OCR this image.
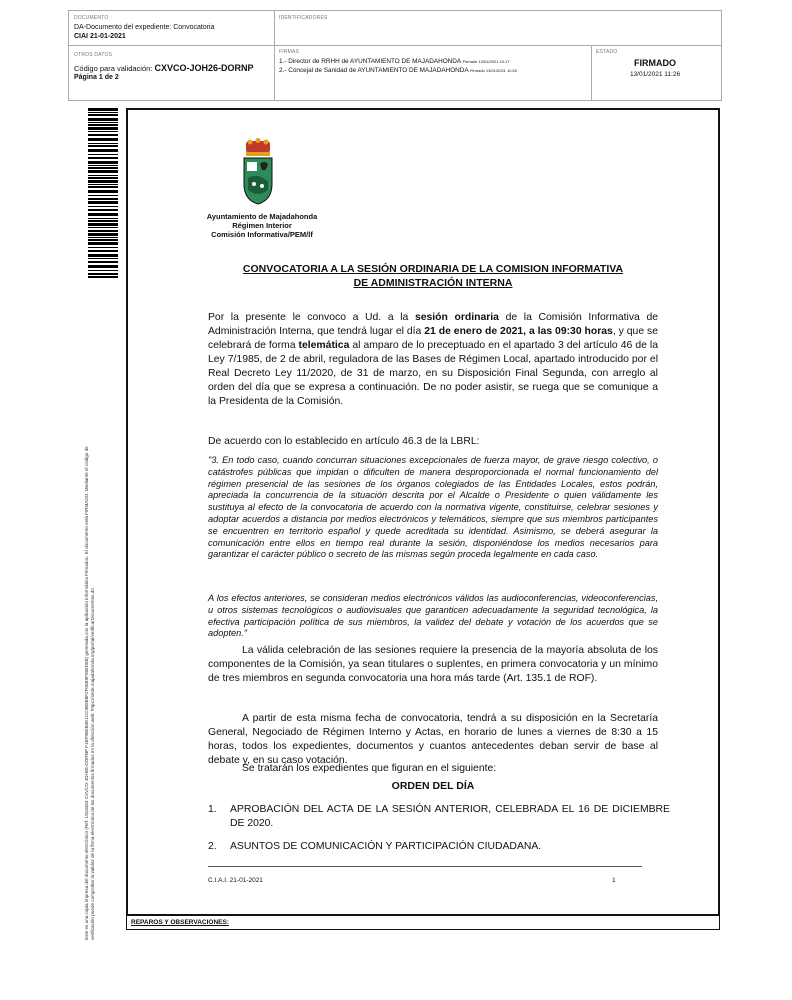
DOCUMENTO
DA-Documento del expediente: Convocatoria
CIAI 21-01-2021
IDENTIFICADORES
OTROS DATOS
Código para validación: CXVCO-JOH26-DORNP
Página 1 de 2
FIRMAS
1.- Director de RRHH de AYUNTAMIENTO DE MAJADAHONDA Firmado 13/01/2021 10:17
2.- Concejal de Sanidad de AYUNTAMIENTO DE MAJADAHONDA Firmado 13/01/2021 11:26
ESTADO
FIRMADO
13/01/2021 11:26
Este es una copia impresa del documento electrónico (Ref: 1918463 CXVCO-JOH26-DORNP F1BF9B5B4E1CC9B5B8F2F05B9F085D0B) generada con la aplicación informática Firmadoc. El documento está FIRMADO. Mediante el código de verificación puede comprobar la validez de la firma electrónica de los documentos firmados en la dirección web: https://sede.majadahonda.org/portal/verificarDocumentos.do
Ayuntamiento de Majadahonda
Régimen Interior
Comisión Informativa/PEM/lf
CONVOCATORIA A LA SESIÓN ORDINARIA DE LA COMISION INFORMATIVA
DE ADMINISTRACIÓN INTERNA
Por la presente le convoco a Ud. a la sesión ordinaria de la Comisión Informativa de Administración Interna, que tendrá lugar el día 21 de enero de 2021, a las 09:30 horas, y que se celebrará de forma telemática al amparo de lo preceptuado en el apartado 3 del artículo 46 de la Ley 7/1985, de 2 de abril, reguladora de las Bases de Régimen Local, apartado introducido por el Real Decreto Ley 11/2020, de 31 de marzo, en su Disposición Final Segunda, con arreglo al orden del día que se expresa a continuación. De no poder asistir, se ruega que se comunique a la Presidenta de la Comisión.
De acuerdo con lo establecido en artículo 46.3 de la LBRL:
"3. En todo caso, cuando concurran situaciones excepcionales de fuerza mayor, de grave riesgo colectivo, o catástrofes públicas que impidan o dificulten de manera desproporcionada el normal funcionamiento del régimen presencial de las sesiones de los órganos colegiados de las Entidades Locales, estos podrán, apreciada la concurrencia de la situación descrita por el Alcalde o Presidente o quien válidamente les sustituya al efecto de la convocatoria de acuerdo con la normativa vigente, constituirse, celebrar sesiones y adoptar acuerdos a distancia por medios electrónicos y telemáticos, siempre que sus miembros participantes se encuentren en territorio español y quede acreditada su identidad. Asimismo, se deberá asegurar la comunicación entre ellos en tiempo real durante la sesión, disponiéndose los medios necesarios para garantizar el carácter público o secreto de las mismas según proceda legalmente en cada caso.
A los efectos anteriores, se consideran medios electrónicos válidos las audioconferencias, videoconferencias, u otros sistemas tecnológicos o audiovisuales que garanticen adecuadamente la seguridad tecnológica, la efectiva participación política de sus miembros, la validez del debate y votación de los acuerdos que se adopten."
La válida celebración de las sesiones requiere la presencia de la mayoría absoluta de los componentes de la Comisión, ya sean titulares o suplentes, en primera convocatoria y un mínimo de tres miembros en segunda convocatoria una hora más tarde (Art. 135.1 de ROF).
A partir de esta misma fecha de convocatoria, tendrá a su disposición en la Secretaría General, Negociado de Régimen Interno y Actas, en horario de lunes a viernes de 8:30 a 15 horas, todos los expedientes, documentos y cuantos antecedentes deban servir de base al debate y, en su caso votación.
Se tratarán los expedientes que figuran en el siguiente:
ORDEN DEL DÍA
1. APROBACIÓN DEL ACTA DE LA SESIÓN ANTERIOR, CELEBRADA EL 16 DE DICIEMBRE DE 2020.
2. ASUNTOS DE COMUNICACIÓN Y PARTICIPACIÓN CIUDADANA.
C.I.A.I. 21-01-2021	1
REPAROS Y OBSERVACIONES:
